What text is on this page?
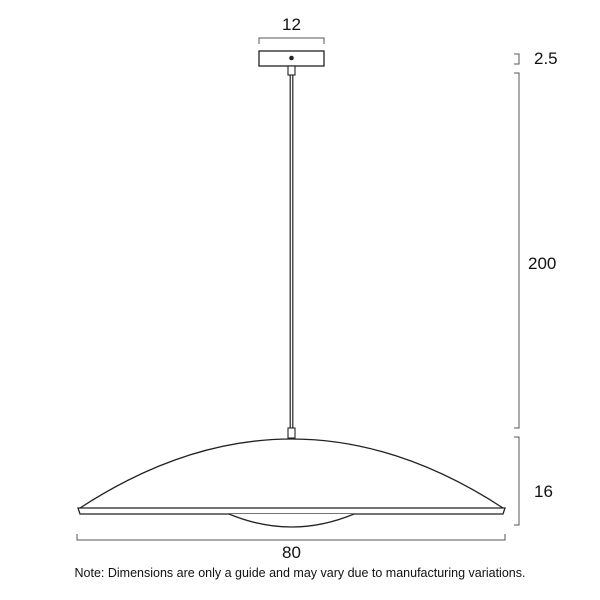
12
2.5
200
16
80
Note: Dimensions are only a guide and may vary due to manufacturing variations.
